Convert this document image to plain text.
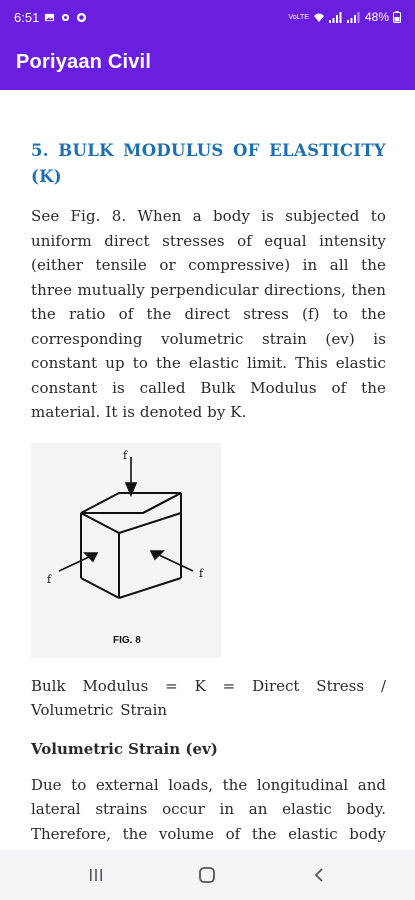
6:51	VoLTE	48%
Poriyaan Civil
5. BULK MODULUS OF ELASTICITY (K)
See Fig. 8. When a body is subjected to uniform direct stresses of equal intensity (either tensile or compressive) in all the three mutually perpendicular directions, then the ratio of the direct stress (f) to the corresponding volumetric strain (ev) is constant up to the elastic limit. This elastic constant is called Bulk Modulus of the material. It is denoted by K.
f
f	f
FIG. 8
Bulk Modulus = K = Direct Stress / Volumetric Strain
Volumetric Strain (ev)
Due to external loads, the longitudinal and lateral strains occur in an elastic body. Therefore, the volume of the elastic body
